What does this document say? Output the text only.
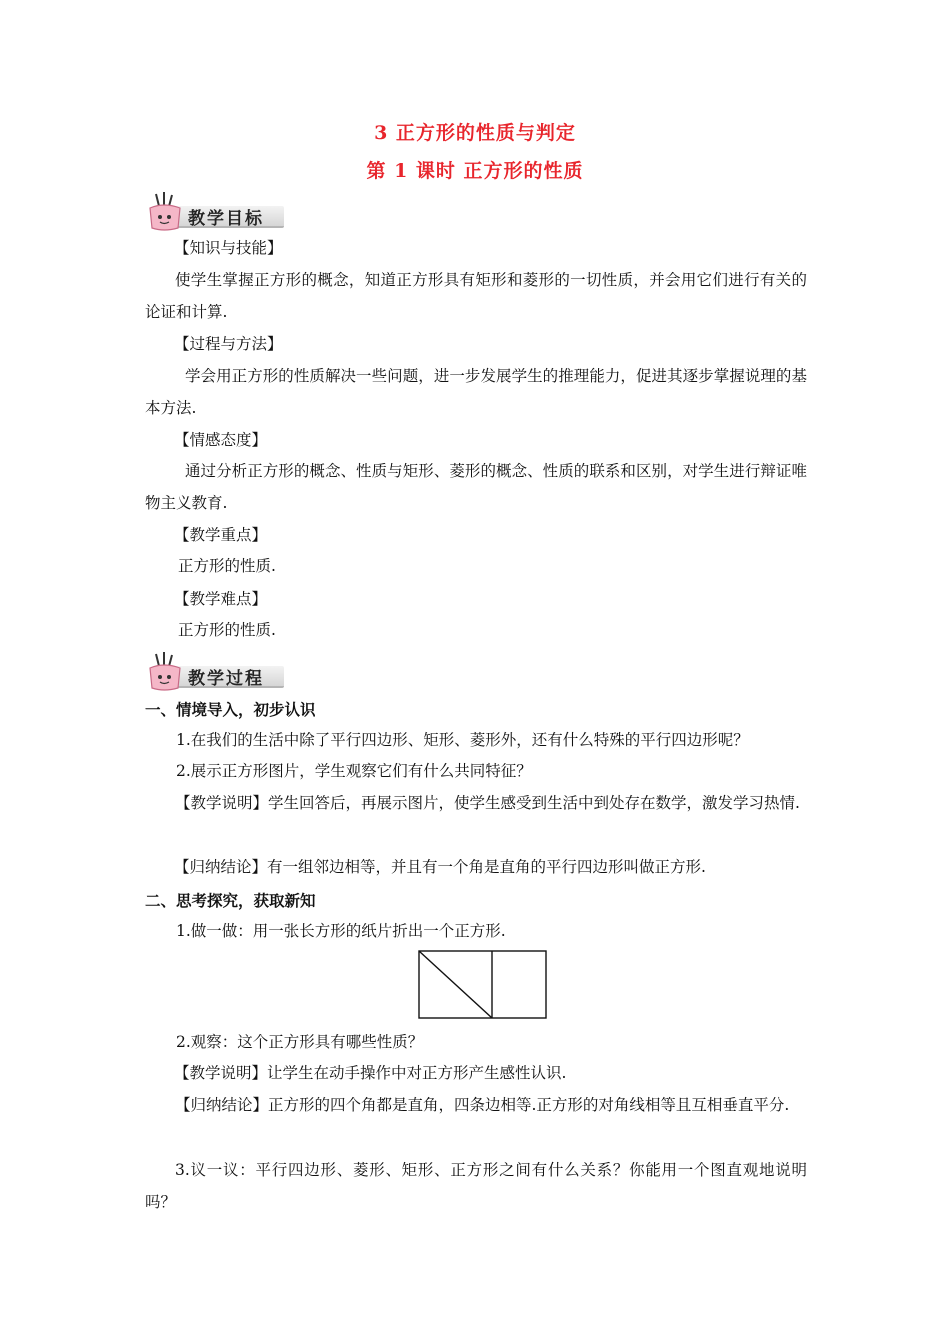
3 正方形的性质与判定
第 1 课时 正方形的性质
教学目标
【知识与技能】
使学生掌握正方形的概念，知道正方形具有矩形和菱形的一切性质，并会用它们进行有关的论证和计算.
【过程与方法】
学会用正方形的性质解决一些问题，进一步发展学生的推理能力，促进其逐步掌握说理的基本方法.
【情感态度】
通过分析正方形的概念、性质与矩形、菱形的概念、性质的联系和区别，对学生进行辩证唯物主义教育.
【教学重点】
正方形的性质.
【教学难点】
正方形的性质.
教学过程
一、情境导入，初步认识
1.在我们的生活中除了平行四边形、矩形、菱形外，还有什么特殊的平行四边形呢？
2.展示正方形图片，学生观察它们有什么共同特征？
【教学说明】学生回答后，再展示图片，使学生感受到生活中到处存在数学，激发学习热情.
【归纳结论】有一组邻边相等，并且有一个角是直角的平行四边形叫做正方形.
二、思考探究，获取新知
1.做一做：用一张长方形的纸片折出一个正方形.
2.观察：这个正方形具有哪些性质？
【教学说明】让学生在动手操作中对正方形产生感性认识.
【归纳结论】正方形的四个角都是直角，四条边相等.正方形的对角线相等且互相垂直平分.
3.议一议：平行四边形、菱形、矩形、正方形之间有什么关系？你能用一个图直观地说明吗？
